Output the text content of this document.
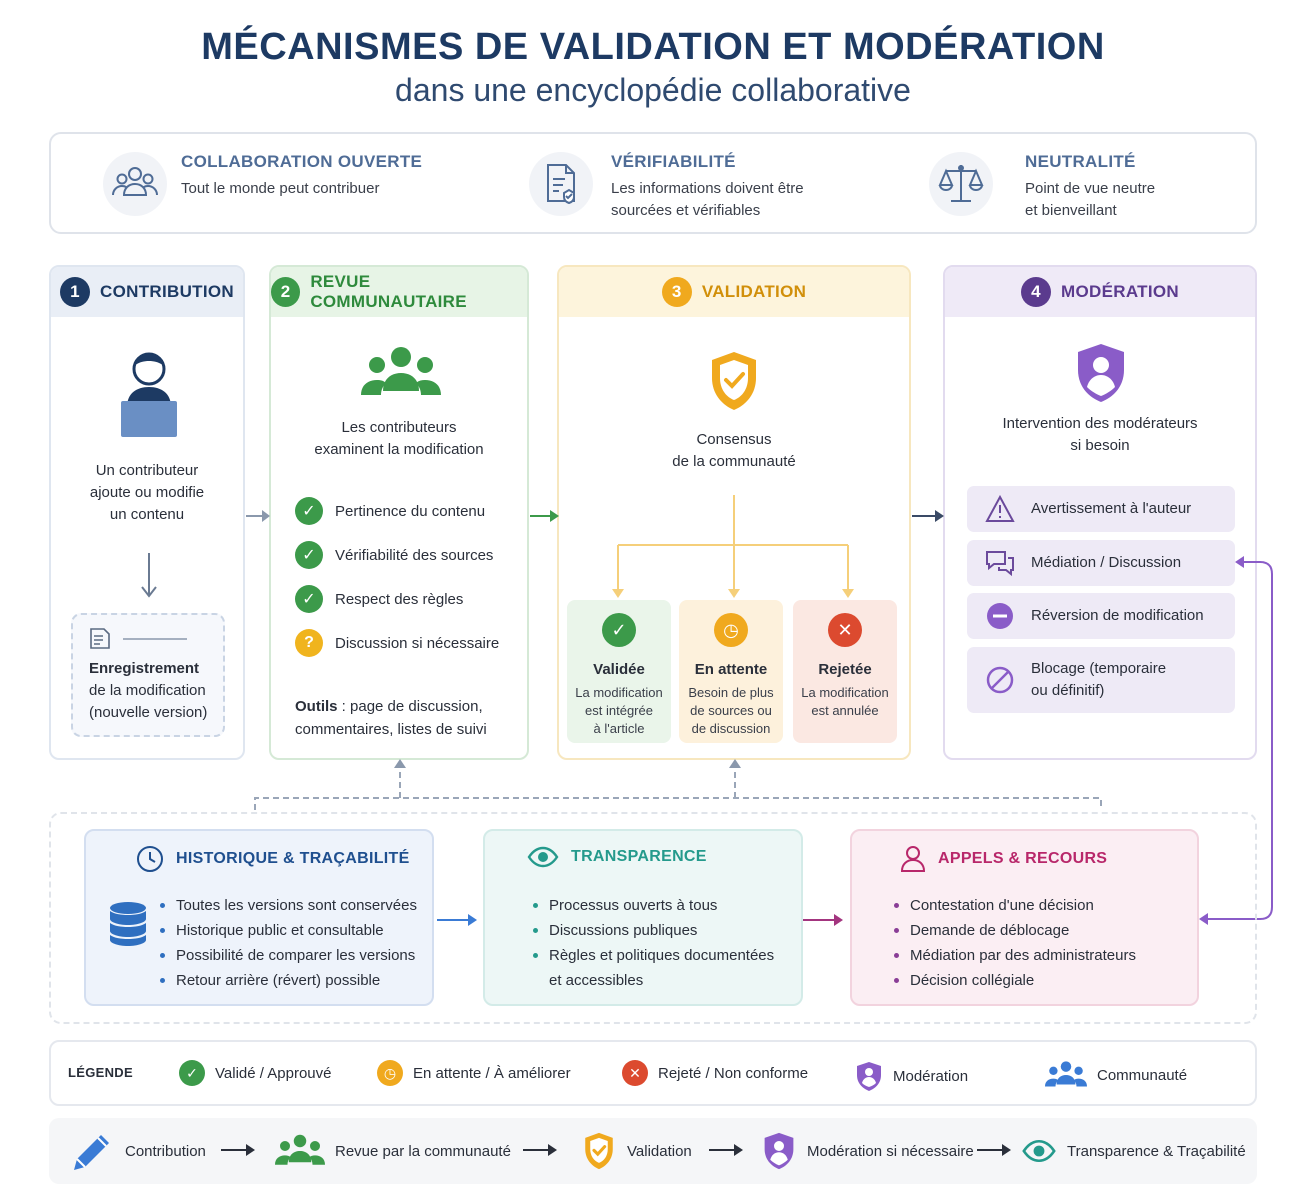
MÉCANISMES DE VALIDATION ET MODÉRATION
dans une encyclopédie collaborative
COLLABORATION OUVERTE
Tout le monde peut contribuer
VÉRIFIABILITÉ
Les informations doivent être
sourcées et vérifiables
NEUTRALITÉ
Point de vue neutre
et bienveillant
1	CONTRIBUTION
Un contributeur
ajoute ou modifie
un contenu
Enregistrement
de la modification
(nouvelle version)
2
REVUE COMMUNAUTAIRE
Les contributeurs
examinent la modification
✓	Pertinence du contenu
✓	Vérifiabilité des sources
✓	Respect des règles
?	Discussion si nécessaire
Outils : page de discussion,
commentaires, listes de suivi
3	VALIDATION
Consensus
de la communauté
✓
Validée
La modification
est intégrée
à l'article
◷
En attente
Besoin de plus
de sources ou
de discussion
✕
Rejetée
La modification
est annulée
4	MODÉRATION
Intervention des modérateurs
si besoin
Avertissement à l'auteur
Médiation / Discussion
Réversion de modification
Blocage (temporaire
ou définitif)
HISTORIQUE & TRAÇABILITÉ
Toutes les versions sont conservées
Historique public et consultable
Possibilité de comparer les versions
Retour arrière (révert) possible
TRANSPARENCE
Processus ouverts à tous
Discussions publiques
Règles et politiques documentées
et accessibles
APPELS & RECOURS
Contestation d'une décision
Demande de déblocage
Médiation par des administrateurs
Décision collégiale
LÉGENDE	✓	Validé / Approuvé	◷	En attente / À améliorer	✕	Rejeté / Non conforme	Modération	Communauté
Contribution	Revue par la communauté	Validation	Modération si nécessaire	Transparence & Traçabilité
